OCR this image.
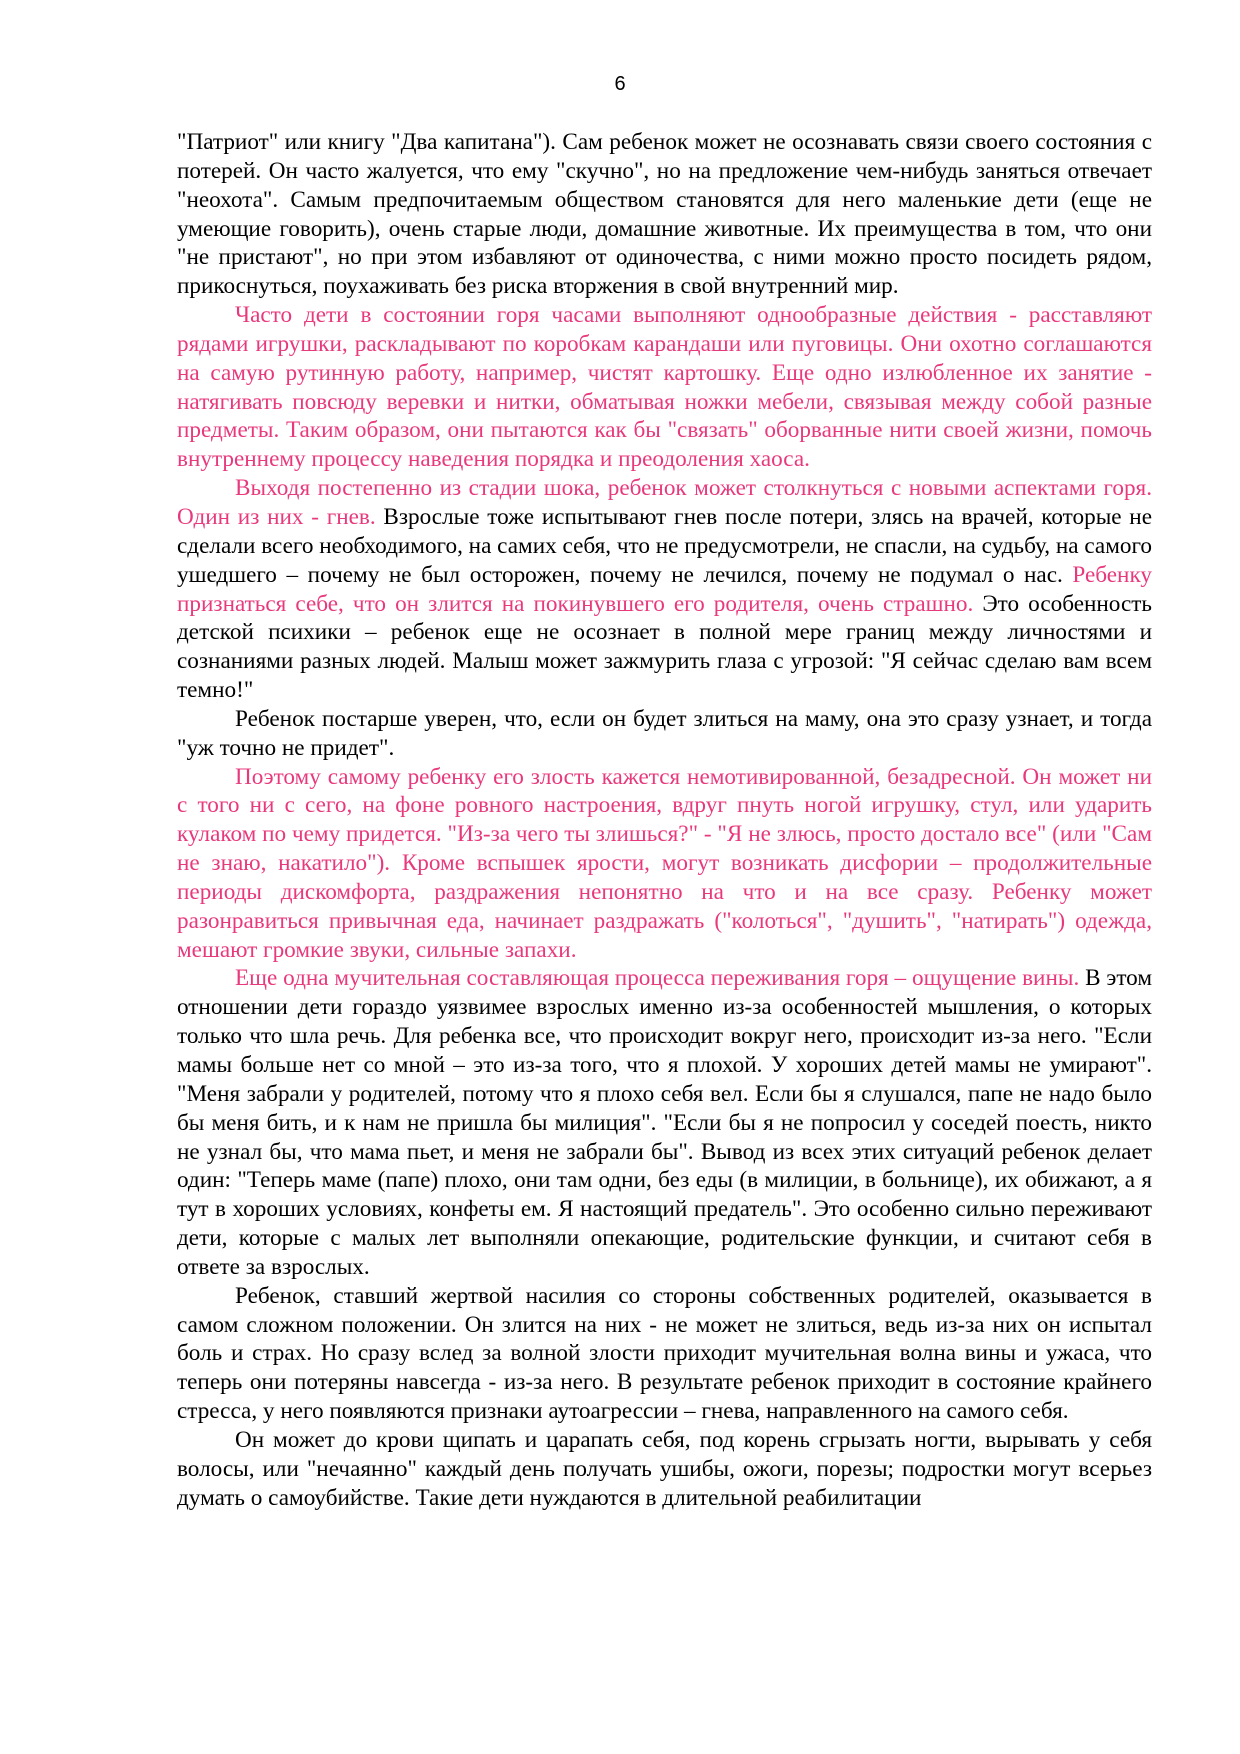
6

"Патриот" или книгу "Два капитана"). Сам ребенок может не осознавать связи своего состояния с потерей. Он часто жалуется, что ему "скучно", но на предложение чем-нибудь заняться отвечает "неохота". Самым предпочитаемым обществом становятся для него маленькие дети (еще не умеющие говорить), очень старые люди, домашние животные. Их преимущества в том, что они "не пристают", но при этом избавляют от одиночества, с ними можно просто посидеть рядом, прикоснуться, поухаживать без риска вторжения в свой внутренний мир.

Часто дети в состоянии горя часами выполняют однообразные действия - расставляют рядами игрушки, раскладывают по коробкам карандаши или пуговицы. Они охотно соглашаются на самую рутинную работу, например, чистят картошку. Еще одно излюбленное их занятие - натягивать повсюду веревки и нитки, обматывая ножки мебели, связывая между собой разные предметы. Таким образом, они пытаются как бы "связать" оборванные нити своей жизни, помочь внутреннему процессу наведения порядка и преодоления хаоса.

Выходя постепенно из стадии шока, ребенок может столкнуться с новыми аспектами горя. Один из них - гнев. Взрослые тоже испытывают гнев после потери, злясь на врачей, которые не сделали всего необходимого, на самих себя, что не предусмотрели, не спасли, на судьбу, на самого ушедшего – почему не был осторожен, почему не лечился, почему не подумал о нас. Ребенку признаться себе, что он злится на покинувшего его родителя, очень страшно. Это особенность детской психики – ребенок еще не осознает в полной мере границ между личностями и сознаниями разных людей. Малыш может зажмурить глаза с угрозой: "Я сейчас сделаю вам всем темно!"

Ребенок постарше уверен, что, если он будет злиться на маму, она это сразу узнает, и тогда "уж точно не придет".

Поэтому самому ребенку его злость кажется немотивированной, безадресной. Он может ни с того ни с сего, на фоне ровного настроения, вдруг пнуть ногой игрушку, стул, или ударить кулаком по чему придется. "Из-за чего ты злишься?" - "Я не злюсь, просто достало все" (или "Сам не знаю, накатило"). Кроме вспышек ярости, могут возникать дисфории – продолжительные периоды дискомфорта, раздражения непонятно на что и на все сразу. Ребенку может разонравиться привычная еда, начинает раздражать ("колоться", "душить", "натирать") одежда, мешают громкие звуки, сильные запахи.

Еще одна мучительная составляющая процесса переживания горя – ощущение вины. В этом отношении дети гораздо уязвимее взрослых именно из-за особенностей мышления, о которых только что шла речь. Для ребенка все, что происходит вокруг него, происходит из-за него. "Если мамы больше нет со мной – это из-за того, что я плохой. У хороших детей мамы не умирают". "Меня забрали у родителей, потому что я плохо себя вел. Если бы я слушался, папе не надо было бы меня бить, и к нам не пришла бы милиция". "Если бы я не попросил у соседей поесть, никто не узнал бы, что мама пьет, и меня не забрали бы". Вывод из всех этих ситуаций ребенок делает один: "Теперь маме (папе) плохо, они там одни, без еды (в милиции, в больнице), их обижают, а я тут в хороших условиях, конфеты ем. Я настоящий предатель". Это особенно сильно переживают дети, которые с малых лет выполняли опекающие, родительские функции, и считают себя в ответе за взрослых.

Ребенок, ставший жертвой насилия со стороны собственных родителей, оказывается в самом сложном положении. Он злится на них - не может не злиться, ведь из-за них он испытал боль и страх. Но сразу вслед за волной злости приходит мучительная волна вины и ужаса, что теперь они потеряны навсегда - из-за него. В результате ребенок приходит в состояние крайнего стресса, у него появляются признаки аутоагрессии – гнева, направленного на самого себя.

Он может до крови щипать и царапать себя, под корень сгрызать ногти, вырывать у себя волосы, или "нечаянно" каждый день получать ушибы, ожоги, порезы; подростки могут всерьез думать о самоубийстве. Такие дети нуждаются в длительной реабилитации
